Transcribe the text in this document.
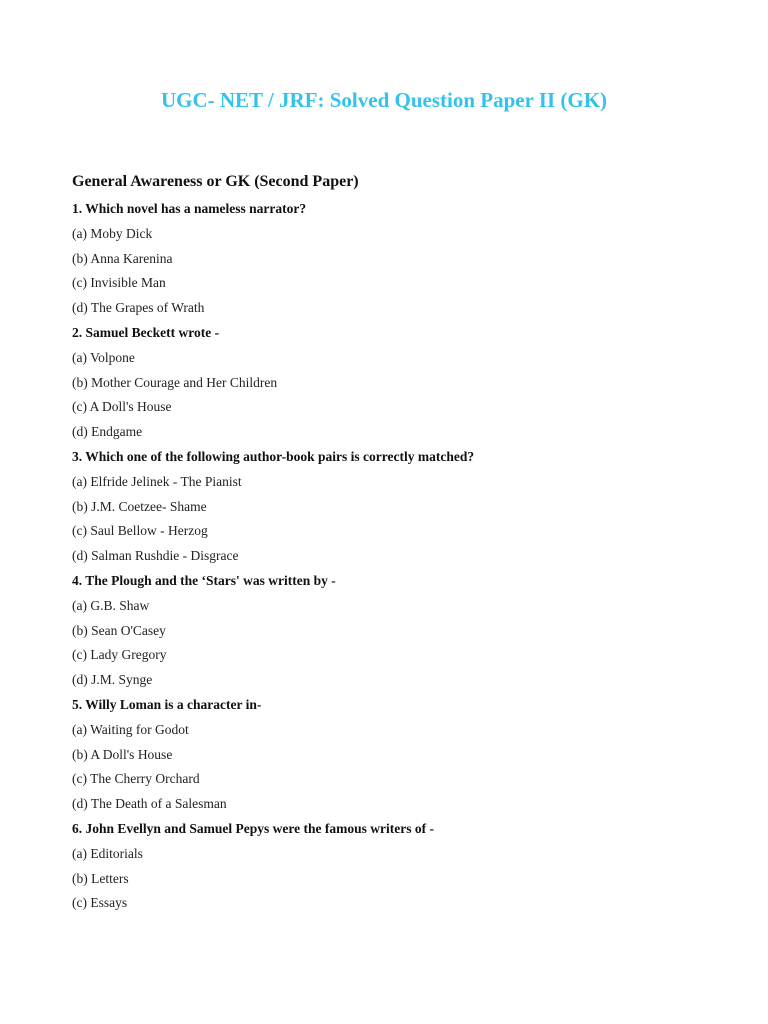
UGC- NET / JRF: Solved Question Paper II (GK)
General Awareness or GK (Second Paper)
1. Which novel has a nameless narrator?
(a) Moby Dick
(b) Anna Karenina
(c) Invisible Man
(d) The Grapes of Wrath
2. Samuel Beckett wrote -
(a) Volpone
(b) Mother Courage and Her Children
(c) A Doll's House
(d) Endgame
3. Which one of the following author-book pairs is correctly matched?
(a) Elfride Jelinek - The Pianist
(b) J.M. Coetzee- Shame
(c) Saul Bellow - Herzog
(d) Salman Rushdie - Disgrace
4. The Plough and the ‘Stars' was written by -
(a) G.B. Shaw
(b) Sean O'Casey
(c) Lady Gregory
(d) J.M. Synge
5. Willy Loman is a character in-
(a) Waiting for Godot
(b) A Doll's House
(c) The Cherry Orchard
(d) The Death of a Salesman
6. John Evellyn and Samuel Pepys were the famous writers of -
(a) Editorials
(b) Letters
(c) Essays
